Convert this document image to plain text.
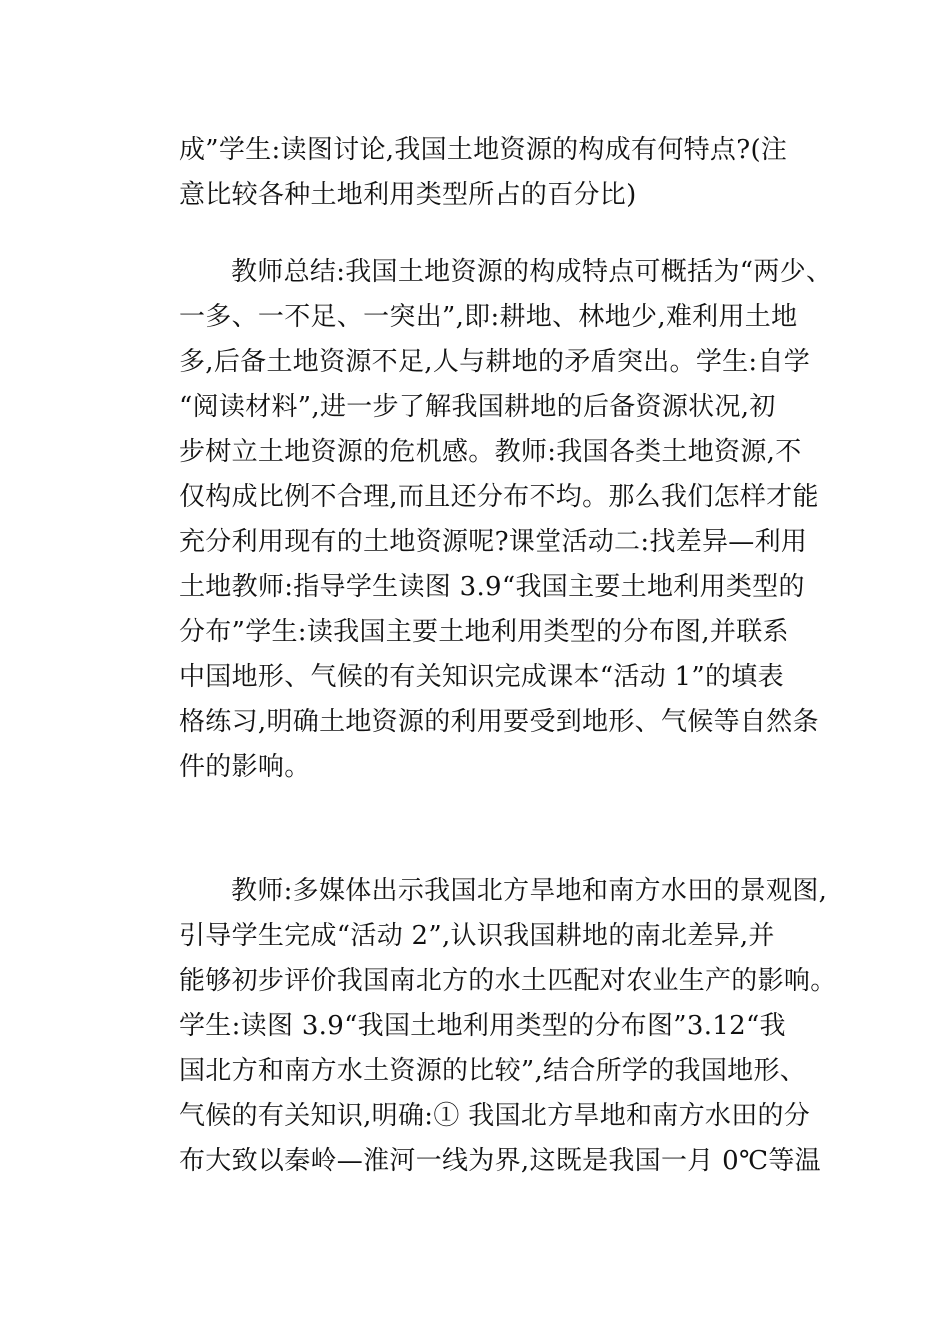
成”学生:读图讨论,我国土地资源的构成有何特点?(注
意比较各种土地利用类型所占的百分比)
教师总结:我国土地资源的构成特点可概括为“两少、
一多、一不足、一突出”,即:耕地、林地少,难利用土地
多,后备土地资源不足,人与耕地的矛盾突出。学生:自学
“阅读材料”,进一步了解我国耕地的后备资源状况,初
步树立土地资源的危机感。教师:我国各类土地资源,不
仅构成比例不合理,而且还分布不均。那么我们怎样才能
充分利用现有的土地资源呢?课堂活动二:找差异—利用
土地教师:指导学生读图 3.9“我国主要土地利用类型的
分布”学生:读我国主要土地利用类型的分布图,并联系
中国地形、气候的有关知识完成课本“活动 1”的填表
格练习,明确土地资源的利用要受到地形、气候等自然条
件的影响。
教师:多媒体出示我国北方旱地和南方水田的景观图,
引导学生完成“活动 2”,认识我国耕地的南北差异,并
能够初步评价我国南北方的水土匹配对农业生产的影响。
学生:读图 3.9“我国土地利用类型的分布图”3.12“我
国北方和南方水土资源的比较”,结合所学的我国地形、
气候的有关知识,明确:① 我国北方旱地和南方水田的分
布大致以秦岭—淮河一线为界,这既是我国一月 0℃等温
